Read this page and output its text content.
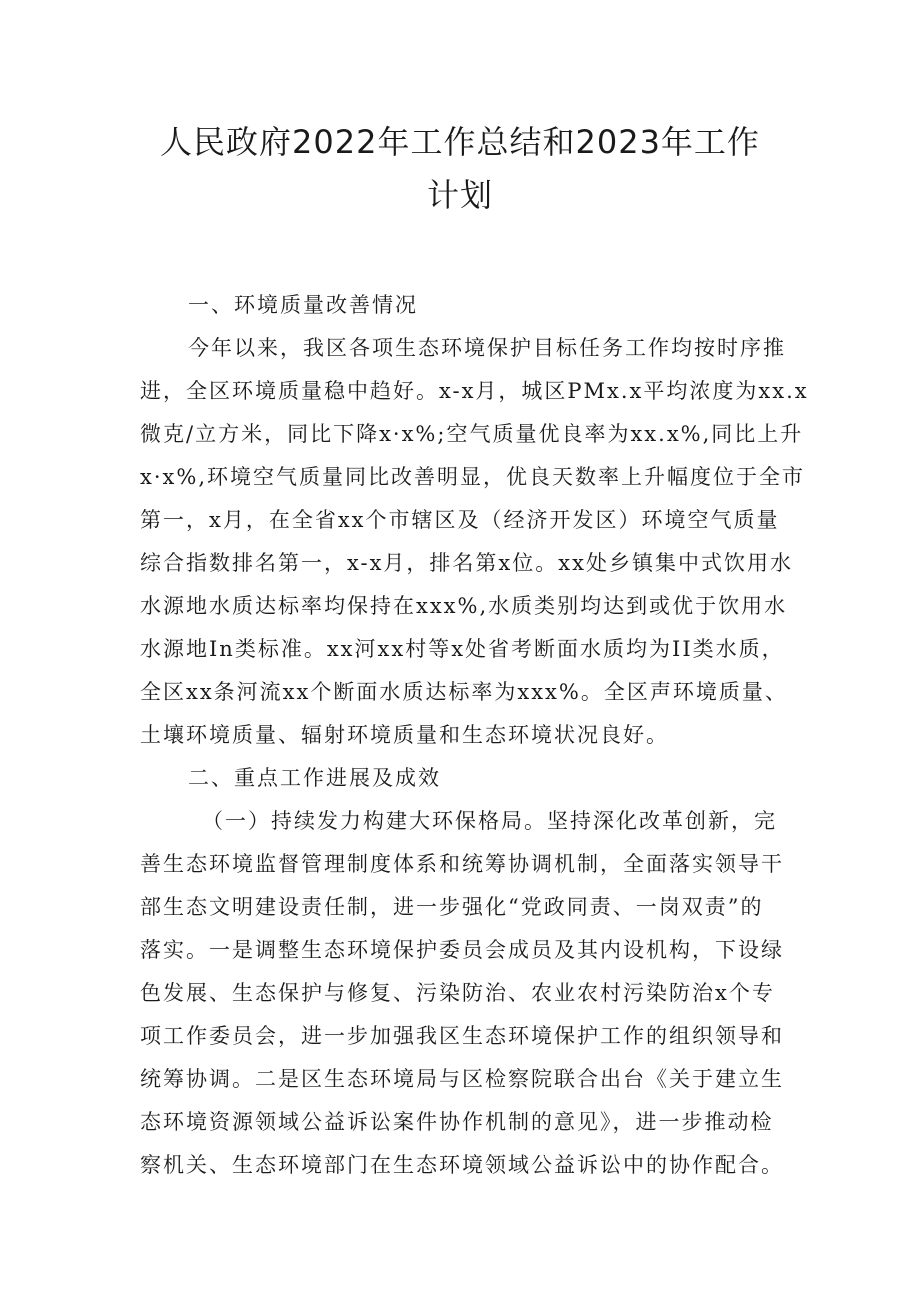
人民政府2022年工作总结和2023年工作
计划
一、环境质量改善情况
今年以来，我区各项生态环境保护目标任务工作均按时序推
进，全区环境质量稳中趋好。x-x月，城区PMx.x平均浓度为xx.x
微克/立方米，同比下降x·x%;空气质量优良率为xx.x%,同比上升
x·x%,环境空气质量同比改善明显，优良天数率上升幅度位于全市
第一，x月，在全省xx个市辖区及（经济开发区）环境空气质量
综合指数排名第一，x-x月，排名第x位。xx处乡镇集中式饮用水
水源地水质达标率均保持在xxx%,水质类别均达到或优于饮用水
水源地In类标准。xx河xx村等x处省考断面水质均为II类水质，
全区xx条河流xx个断面水质达标率为xxx%。全区声环境质量、
土壤环境质量、辐射环境质量和生态环境状况良好。
二、重点工作进展及成效
（一）持续发力构建大环保格局。坚持深化改革创新，完
善生态环境监督管理制度体系和统筹协调机制，全面落实领导干
部生态文明建设责任制，进一步强化“党政同责、一岗双责”的
落实。一是调整生态环境保护委员会成员及其内设机构，下设绿
色发展、生态保护与修复、污染防治、农业农村污染防治x个专
项工作委员会，进一步加强我区生态环境保护工作的组织领导和
统筹协调。二是区生态环境局与区检察院联合出台《关于建立生
态环境资源领域公益诉讼案件协作机制的意见》，进一步推动检
察机关、生态环境部门在生态环境领域公益诉讼中的协作配合。
